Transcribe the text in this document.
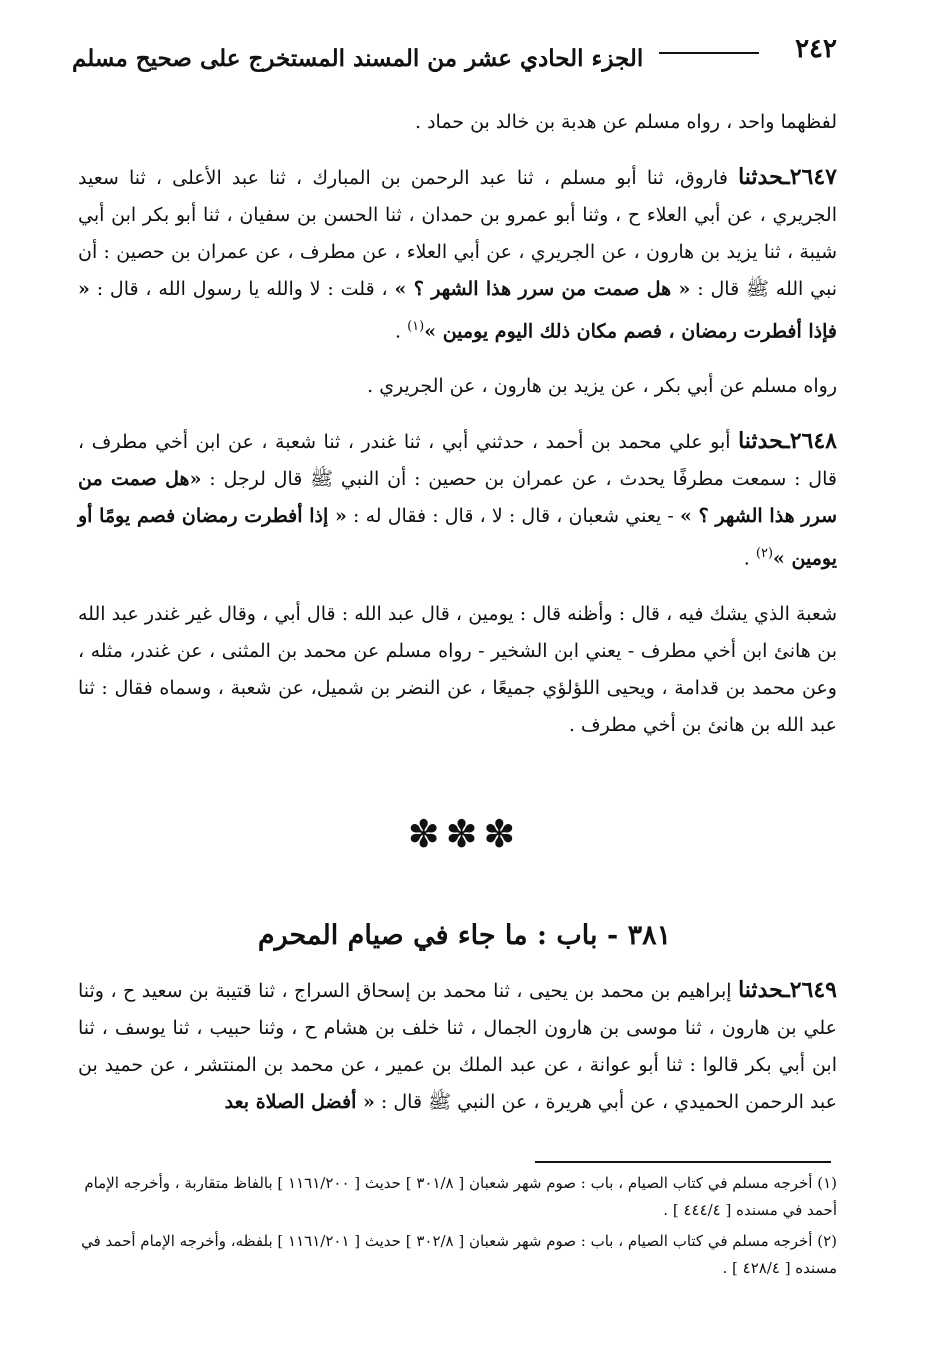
٢٤٢
الجزء الحادي عشر من المسند المستخرج على صحيح مسلم

لفظهما واحد ، رواه مسلم عن هدبة بن خالد بن حماد .

٢٦٤٧ـحدثنا فاروق، ثنا أبو مسلم ، ثنا عبد الرحمن بن المبارك ، ثنا عبد الأعلى ، ثنا سعيد الجريري ، عن أبي العلاء ح ، وثنا أبو عمرو بن حمدان ، ثنا الحسن بن سفيان ، ثنا أبو بكر ابن أبي شيبة ، ثنا يزيد بن هارون ، عن الجريري ، عن أبي العلاء ، عن مطرف ، عن عمران بن حصين : أن نبي الله ﷺ قال : « هل صمت من سرر هذا الشهر ؟ » ، قلت : لا والله يا رسول الله ، قال : « فإذا أفطرت رمضان ، فصم مكان ذلك اليوم يومين »$^{(١)}$ .

رواه مسلم عن أبي بكر ، عن يزيد بن هارون ، عن الجريري .

٢٦٤٨ـحدثنا أبو علي محمد بن أحمد ، حدثني أبي ، ثنا غندر ، ثنا شعبة ، عن ابن أخي مطرف ، قال : سمعت مطرفًا يحدث ، عن عمران بن حصين : أن النبي ﷺ قال لرجل : «هل صمت من سرر هذا الشهر ؟ » - يعني شعبان ، قال : لا ، قال : فقال له : « إذا أفطرت رمضان فصم يومًا أو يومين »$^{(٢)}$ .

شعبة الذي يشك فيه ، قال : وأظنه قال : يومين ، قال عبد الله : قال أبي ، وقال غير غندر عبد الله بن هانئ ابن أخي مطرف - يعني ابن الشخير - رواه مسلم عن محمد بن المثنى ، عن غندر، مثله ، وعن محمد بن قدامة ، ويحيى اللؤلؤي جميعًا ، عن النضر بن شميل، عن شعبة ، وسماه فقال : ثنا عبد الله بن هانئ بن أخي مطرف .

✽✽✽
٣٨١ - باب : ما جاء في صيام المحرم

٢٦٤٩ـحدثنا إبراهيم بن محمد بن يحيى ، ثنا محمد بن إسحاق السراج ، ثنا قتيبة بن سعيد ح ، وثنا علي بن هارون ، ثنا موسى بن هارون الجمال ، ثنا خلف بن هشام ح ، وثنا حبيب ، ثنا يوسف ، ثنا ابن أبي بكر قالوا : ثنا أبو عوانة ، عن عبد الملك بن عمير ، عن محمد بن المنتشر ، عن حميد بن عبد الرحمن الحميدي ، عن أبي هريرة ، عن النبي ﷺ قال : « أفضل الصلاة بعد

(١) أخرجه مسلم في كتاب الصيام ، باب : صوم شهر شعبان [ ٣٠١/٨ ] حديث [ ١١٦١/٢٠٠ ] بالفاظ متقاربة ، وأخرجه الإمام أحمد في مسنده [ ٤٤٤/٤ ] .

(٢) أخرجه مسلم في كتاب الصيام ، باب : صوم شهر شعبان [ ٣٠٢/٨ ] حديث [ ١١٦١/٢٠١ ] بلفظه، وأخرجه الإمام أحمد في مسنده [ ٤٢٨/٤ ] .
